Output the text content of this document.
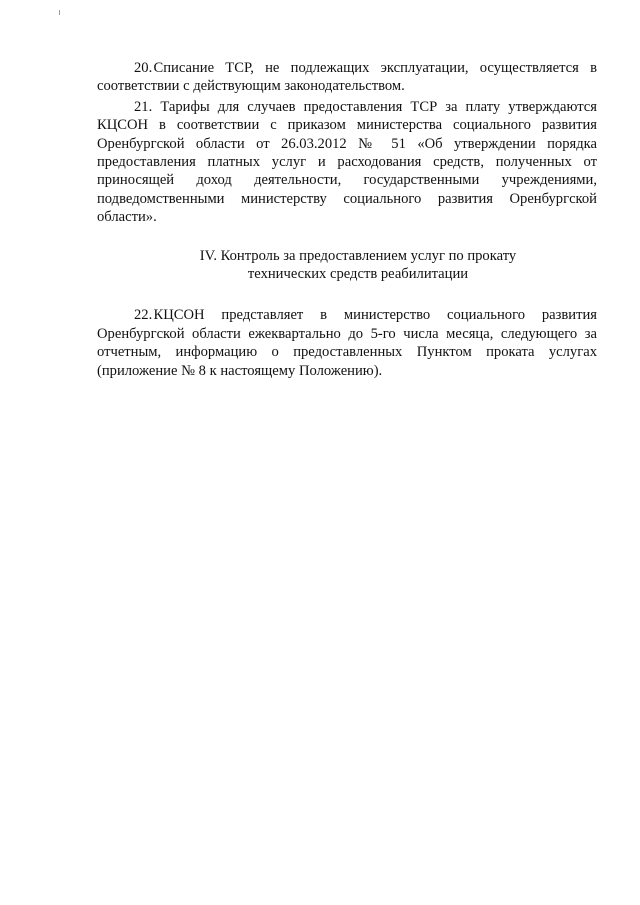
20. Списание ТСР, не подлежащих эксплуатации, осуществляется в соответствии с действующим законодательством.

21. Тарифы для случаев предоставления ТСР за плату утверждаются КЦСОН в соответствии с приказом министерства социального развития Оренбургской области от 26.03.2012 № 51 «Об утверждении порядка предоставления платных услуг и расходования средств, полученных от приносящей доход деятельности, государственными учреждениями, подведомственными министерству социального развития Оренбургской области».

IV. Контроль за предоставлением услуг по прокату
технических средств реабилитации

22. КЦСОН представляет в министерство социального развития Оренбургской области ежеквартально до 5-го числа месяца, следующего за отчетным, информацию о предоставленных Пунктом проката услугах (приложение № 8 к настоящему Положению).
